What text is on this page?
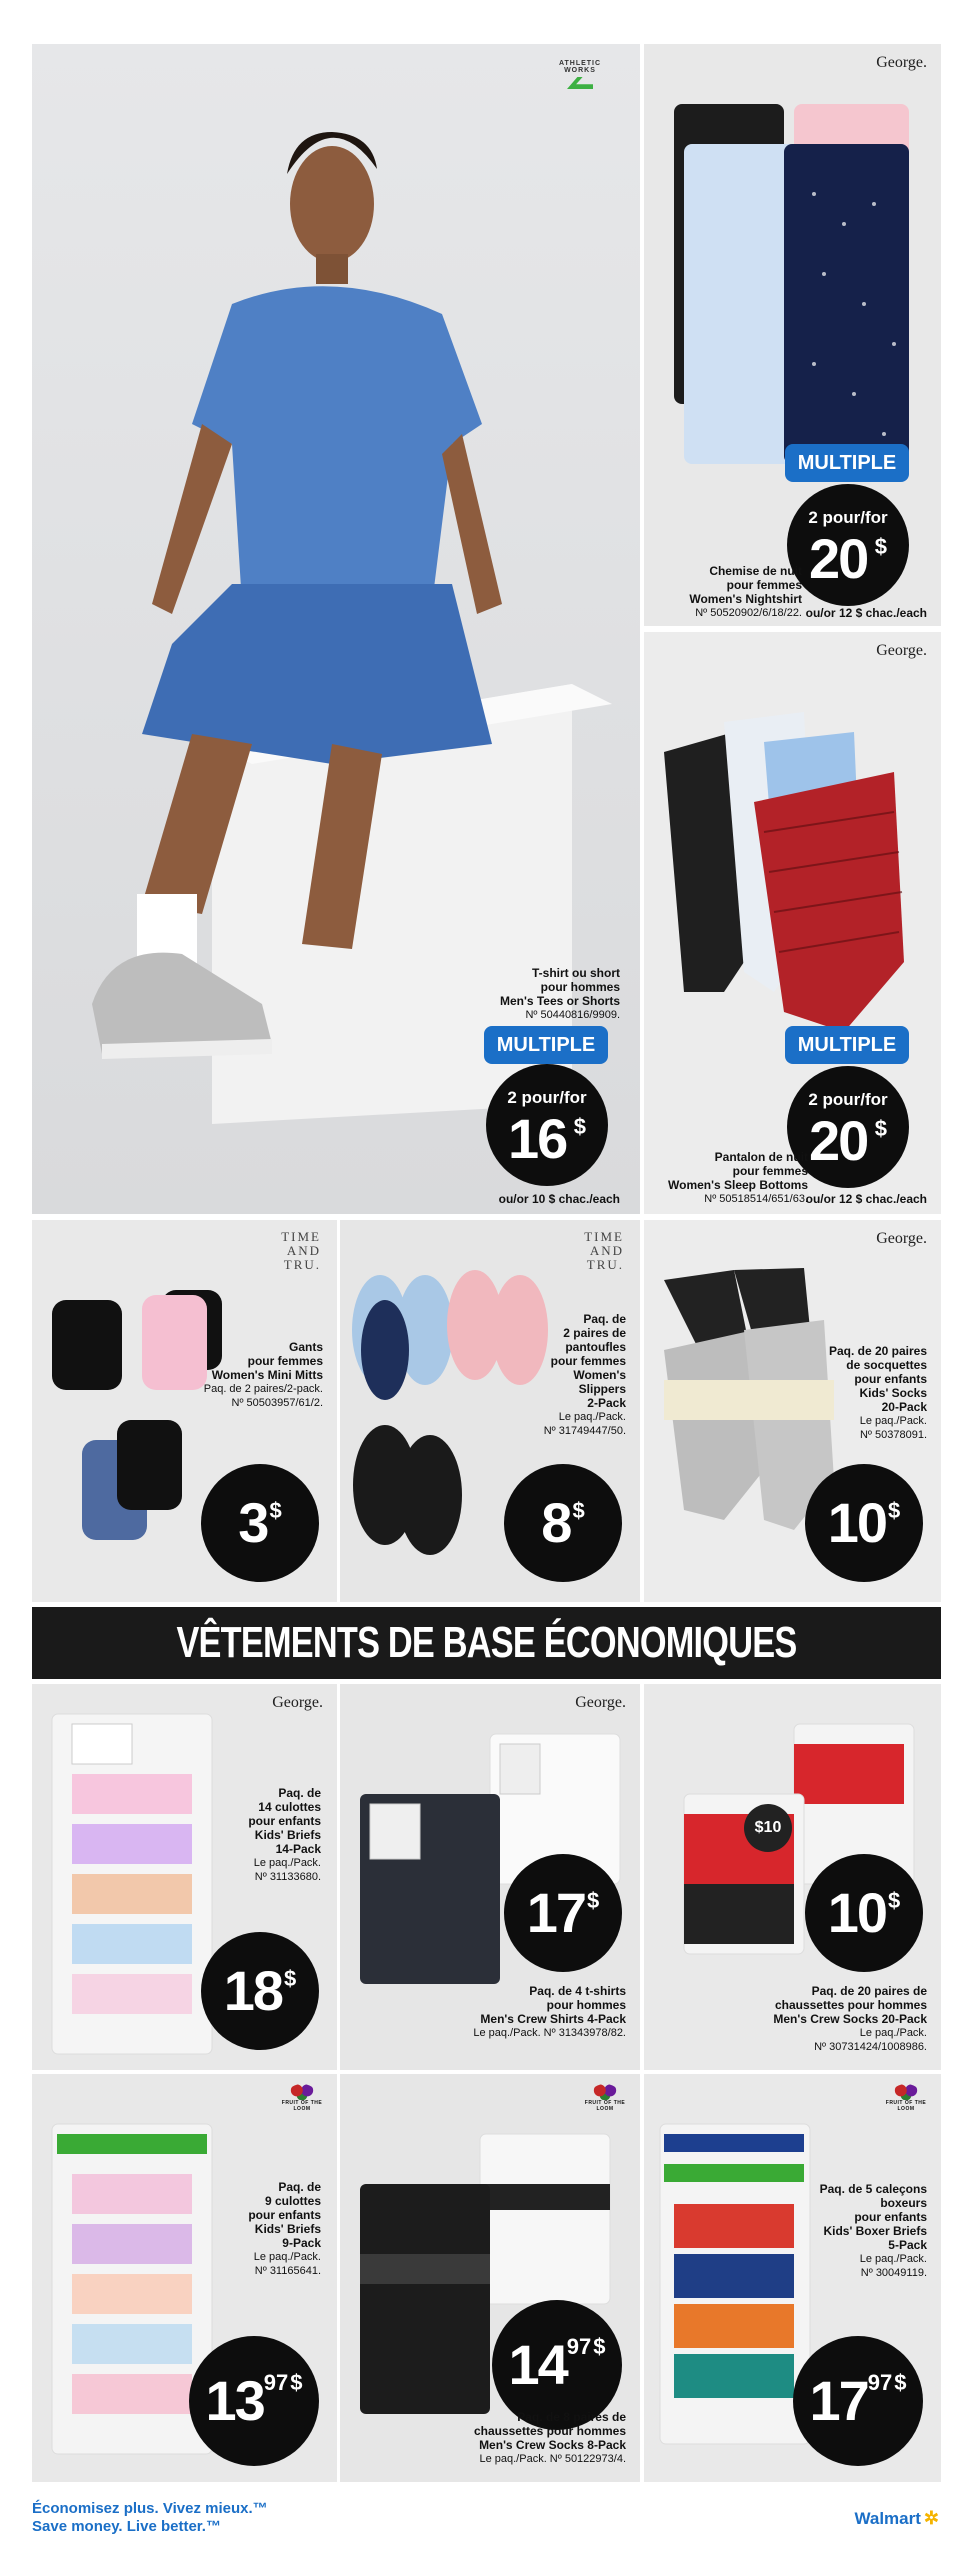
ATHLETIC WORKS
T-shirt ou short
pour hommes
Men's Tees or Shorts
Nº 50440816/9909.
MULTIPLE
2 pour/for
16 $
ou/or 10 $ chac./each
George.
MULTIPLE
2 pour/for
20 $
Chemise de nuit
pour femmes
Women's Nightshirt
Nº 50520902/6/18/22. ou/or 12 $ chac./each
George.
MULTIPLE
2 pour/for
20 $
Pantalon de nuit
pour femmes
Women's Sleep Bottoms
Nº 50518514/651/63.
ou/or 12 $ chac./each
TIME AND TRU.
Gants
pour femmes
Women's Mini Mitts
Paq. de 2 paires/2-pack.
Nº 50503957/61/2.
3 $
TIME AND TRU.
Paq. de
2 paires de
pantoufles
pour femmes
Women's
Slippers
2-Pack
Le paq./Pack.
Nº 31749447/50.
8 $
George.
Paq. de 20 paires
de socquettes
pour enfants
Kids' Socks
20-Pack
Le paq./Pack.
Nº 50378091.
10 $
VÊTEMENTS DE BASE ÉCONOMIQUES
George.
Paq. de
14 culottes
pour enfants
Kids' Briefs
14-Pack
Le paq./Pack.
Nº 31133680.
18 $
George.
17 $
Paq. de 4 t-shirts
pour hommes
Men's Crew Shirts 4-Pack
Le paq./Pack. Nº 31343978/82.
$10
10 $
Paq. de 20 paires de
chaussettes pour hommes
Men's Crew Socks 20-Pack
Le paq./Pack.
Nº 30731424/1008986.
FRUIT OF THE LOOM
Paq. de
9 culottes
pour enfants
Kids' Briefs
9-Pack
Le paq./Pack.
Nº 31165641.
13 97 $
FRUIT OF THE LOOM
14 97 $
Paq. de 8 paires de
chaussettes pour hommes
Men's Crew Socks 8-Pack
Le paq./Pack. Nº 50122973/4.
FRUIT OF THE LOOM
Paq. de 5 caleçons
boxeurs
pour enfants
Kids' Boxer Briefs
5-Pack
Le paq./Pack.
Nº 30049119.
17 97 $
Économisez plus. Vivez mieux.™
Save money. Live better.™	Walmart ✲
